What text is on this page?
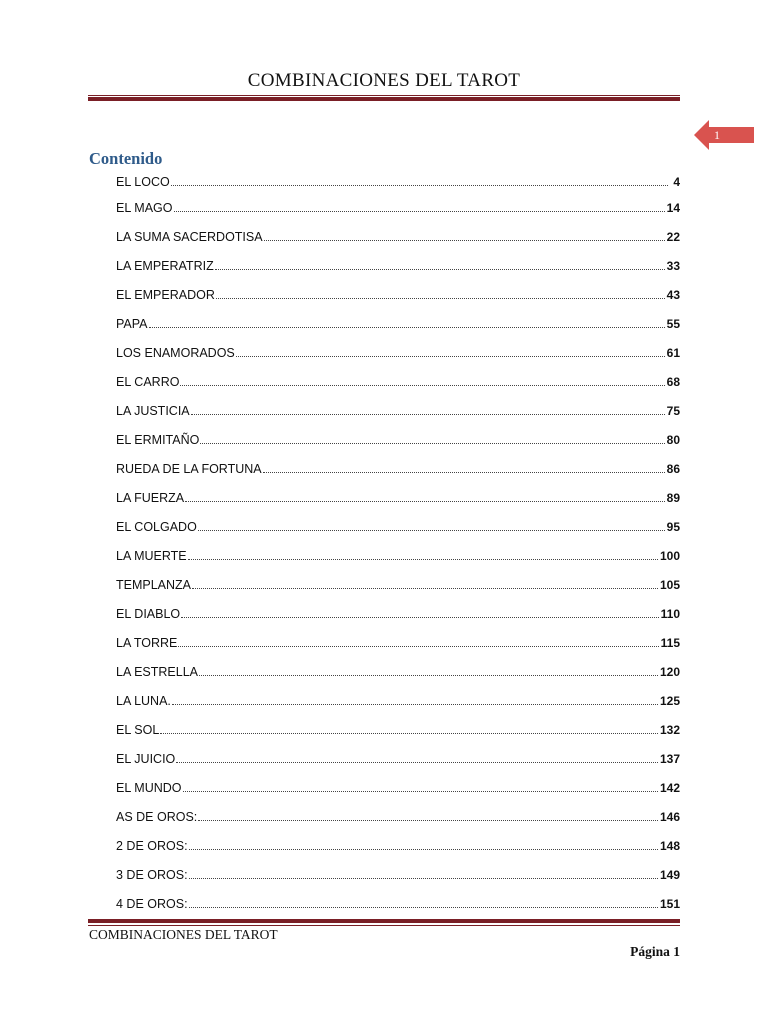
COMBINACIONES DEL TAROT
1
Contenido
EL LOCO	4
EL MAGO	14
LA SUMA SACERDOTISA	22
LA EMPERATRIZ	33
EL EMPERADOR	43
PAPA	55
LOS ENAMORADOS	61
EL CARRO	68
LA JUSTICIA	75
EL ERMITAÑO	80
RUEDA DE LA FORTUNA	86
LA FUERZA	89
EL COLGADO	95
LA MUERTE	100
TEMPLANZA	105
EL DIABLO	110
LA TORRE	115
LA ESTRELLA	120
LA LUNA.	125
EL SOL	132
EL JUICIO	137
EL MUNDO	142
AS DE OROS:	146
2 DE OROS:	148
3 DE OROS:	149
4 DE OROS:	151
COMBINACIONES DEL TAROT
Página 1
